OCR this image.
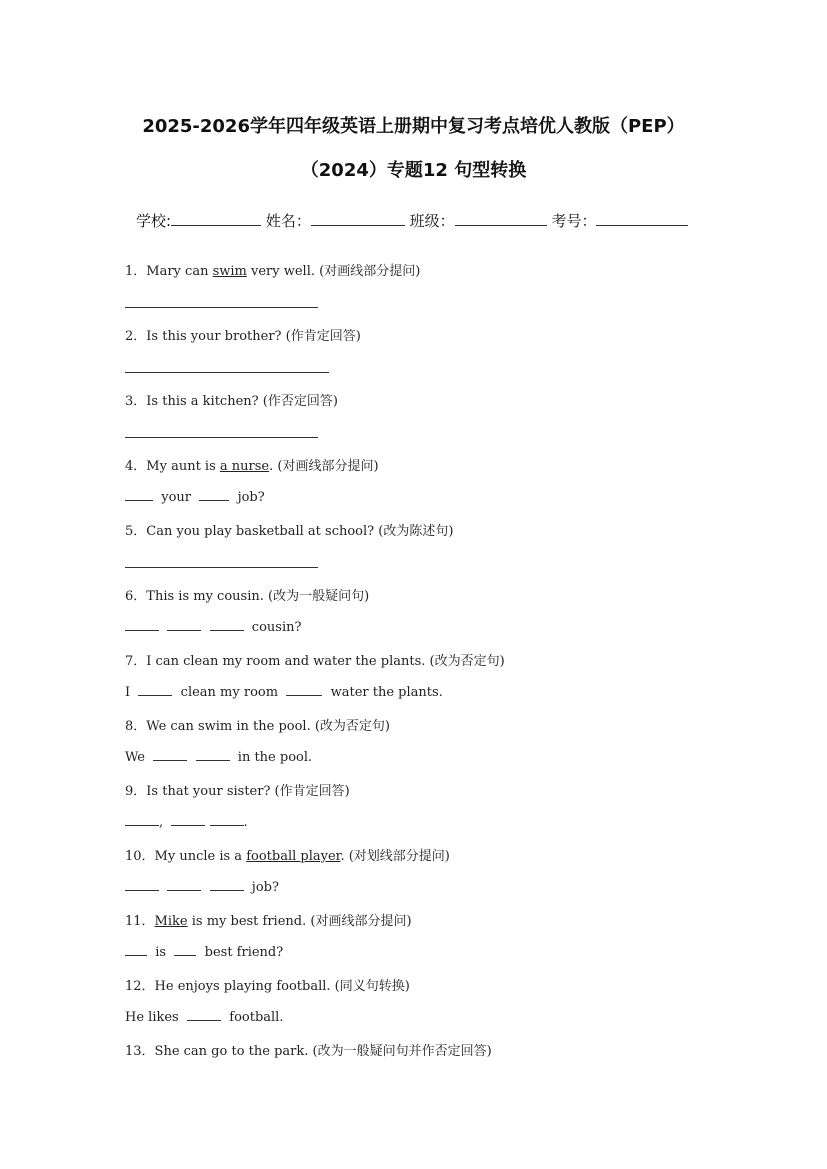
2025-2026学年四年级英语上册期中复习考点培优人教版（PEP）
（2024）专题12 句型转换
学校:	姓名：	班级：	考号：
1．Mary can swim very well. (对画线部分提问)
2．Is this your brother? (作肯定回答)
3．Is this a kitchen? (作否定回答)
4．My aunt is a nurse. (对画线部分提问)
your	job?
5．Can you play basketball at school? (改为陈述句)
6．This is my cousin. (改为一般疑问句)
cousin?
7．I can clean my room and water the plants. (改为否定句)
I	clean my room	water the plants.
8．We can swim in the pool. (改为否定句)
We	in the pool.
9．Is that your sister? (作肯定回答)
,	.
10．My uncle is a football player. (对划线部分提问)
job?
11．Mike is my best friend. (对画线部分提问)
is	best friend?
12．He enjoys playing football. (同义句转换)
He likes	football.
13．She can go to the park. (改为一般疑问句并作否定回答)
